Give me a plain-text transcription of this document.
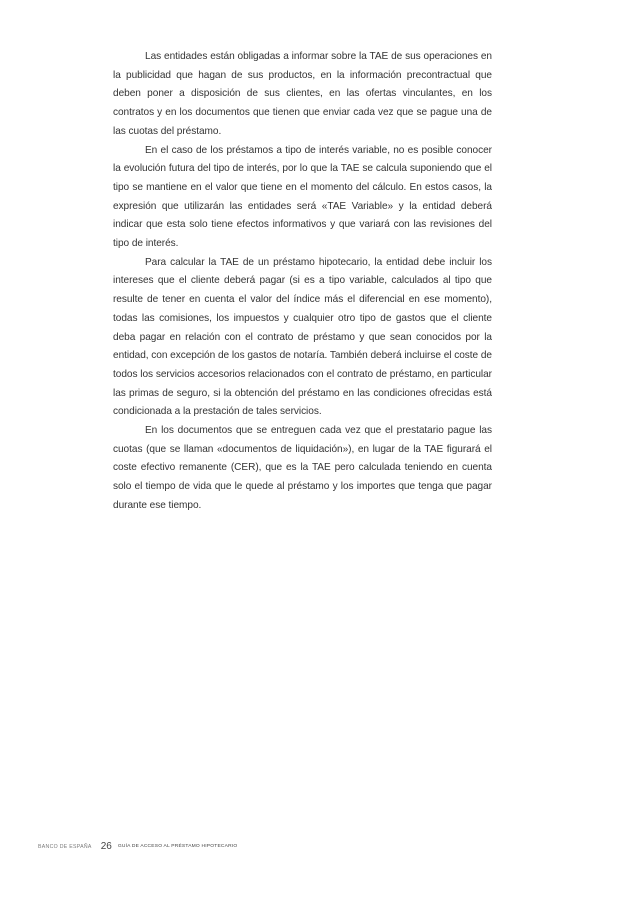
Las entidades están obligadas a informar sobre la TAE de sus operaciones en la publicidad que hagan de sus productos, en la información precontractual que deben poner a disposición de sus clientes, en las ofertas vinculantes, en los contratos y en los documentos que tienen que enviar cada vez que se pague una de las cuotas del préstamo.

En el caso de los préstamos a tipo de interés variable, no es posible conocer la evolución futura del tipo de interés, por lo que la TAE se calcula suponiendo que el tipo se mantiene en el valor que tiene en el momento del cálculo. En estos casos, la expresión que utilizarán las entidades será «TAE Variable» y la entidad deberá indicar que esta solo tiene efectos informativos y que variará con las revisiones del tipo de interés.

Para calcular la TAE de un préstamo hipotecario, la entidad debe incluir los intereses que el cliente deberá pagar (si es a tipo variable, calculados al tipo que resulte de tener en cuenta el valor del índice más el diferencial en ese momento), todas las comisiones, los impuestos y cualquier otro tipo de gastos que el cliente deba pagar en relación con el contrato de préstamo y que sean conocidos por la entidad, con excepción de los gastos de notaría. También deberá incluirse el coste de todos los servicios accesorios relacionados con el contrato de préstamo, en particular las primas de seguro, si la obtención del préstamo en las condiciones ofrecidas está condicionada a la prestación de tales servicios.

En los documentos que se entreguen cada vez que el prestatario pague las cuotas (que se llaman «documentos de liquidación»), en lugar de la TAE figurará el coste efectivo remanente (CER), que es la TAE pero calculada teniendo en cuenta solo el tiempo de vida que le quede al préstamo y los importes que tenga que pagar durante ese tiempo.

BANCO DE ESPAÑA 26 GUÍA DE ACCESO AL PRÉSTAMO HIPOTECARIO
